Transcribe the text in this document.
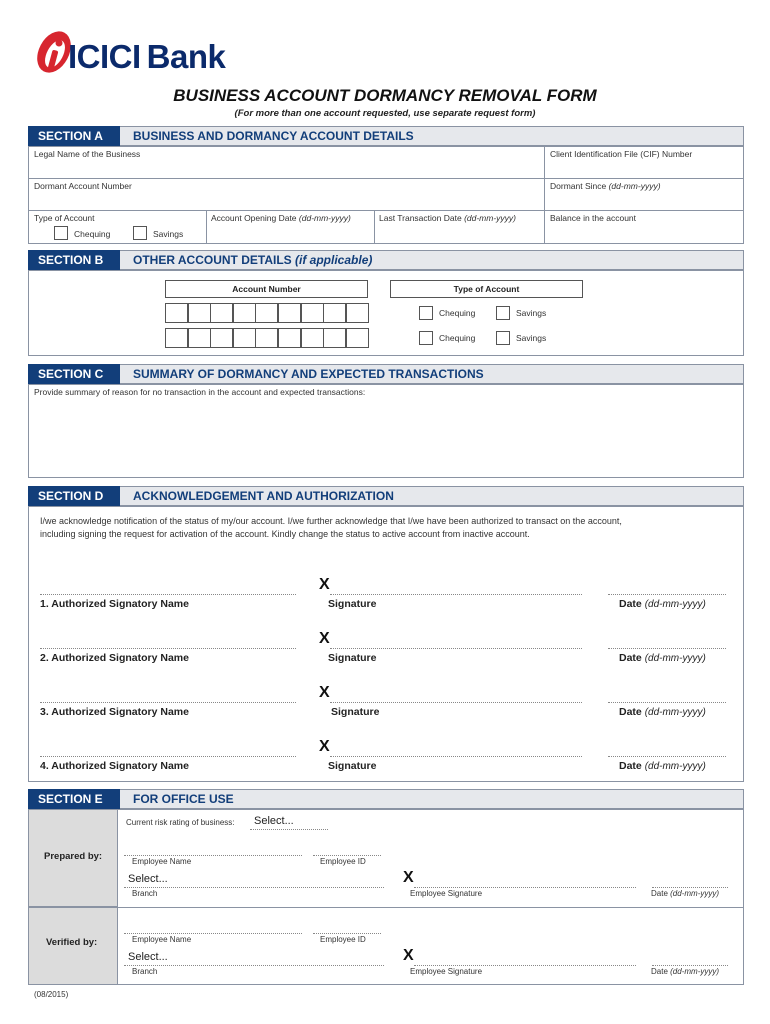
ICICI Bank
BUSINESS ACCOUNT DORMANCY REMOVAL FORM
(For more than one account requested, use separate request form)
SECTION A	BUSINESS AND DORMANCY ACCOUNT DETAILS
Legal Name of the Business	Client Identification File (CIF) Number
Dormant Account Number	Dormant Since (dd-mm-yyyy)
Type of Account
Chequing	Savings
Account Opening Date (dd-mm-yyyy)	Last Transaction Date (dd-mm-yyyy)	Balance in the account
SECTION B	OTHER ACCOUNT DETAILS (if applicable)
Account Number	Type of Account
Chequing	Savings
Chequing	Savings
SECTION C	SUMMARY OF DORMANCY AND EXPECTED TRANSACTIONS
Provide summary of reason for no transaction in the account and expected transactions:
SECTION D	ACKNOWLEDGEMENT AND AUTHORIZATION
I/we acknowledge notification of the status of my/our account. I/we further acknowledge that I/we have been authorized to transact on the account,
including signing the request for activation of the account. Kindly change the status to active account from inactive account.
1. Authorized Signatory Name
X
Signature	Date (dd-mm-yyyy)
2. Authorized Signatory Name
X
Signature	Date (dd-mm-yyyy)
3. Authorized Signatory Name
X
Signature	Date (dd-mm-yyyy)
4. Authorized Signatory Name
X
Signature	Date (dd-mm-yyyy)
SECTION E	FOR OFFICE USE
Prepared by:
Verified by:
Current risk rating of business: Select...
Employee Name	Employee ID
Select...
Branch
X
Employee Signature	Date (dd-mm-yyyy)
Employee Name	Employee ID
Select...
Branch
X
Employee Signature	Date (dd-mm-yyyy)
(08/2015)
